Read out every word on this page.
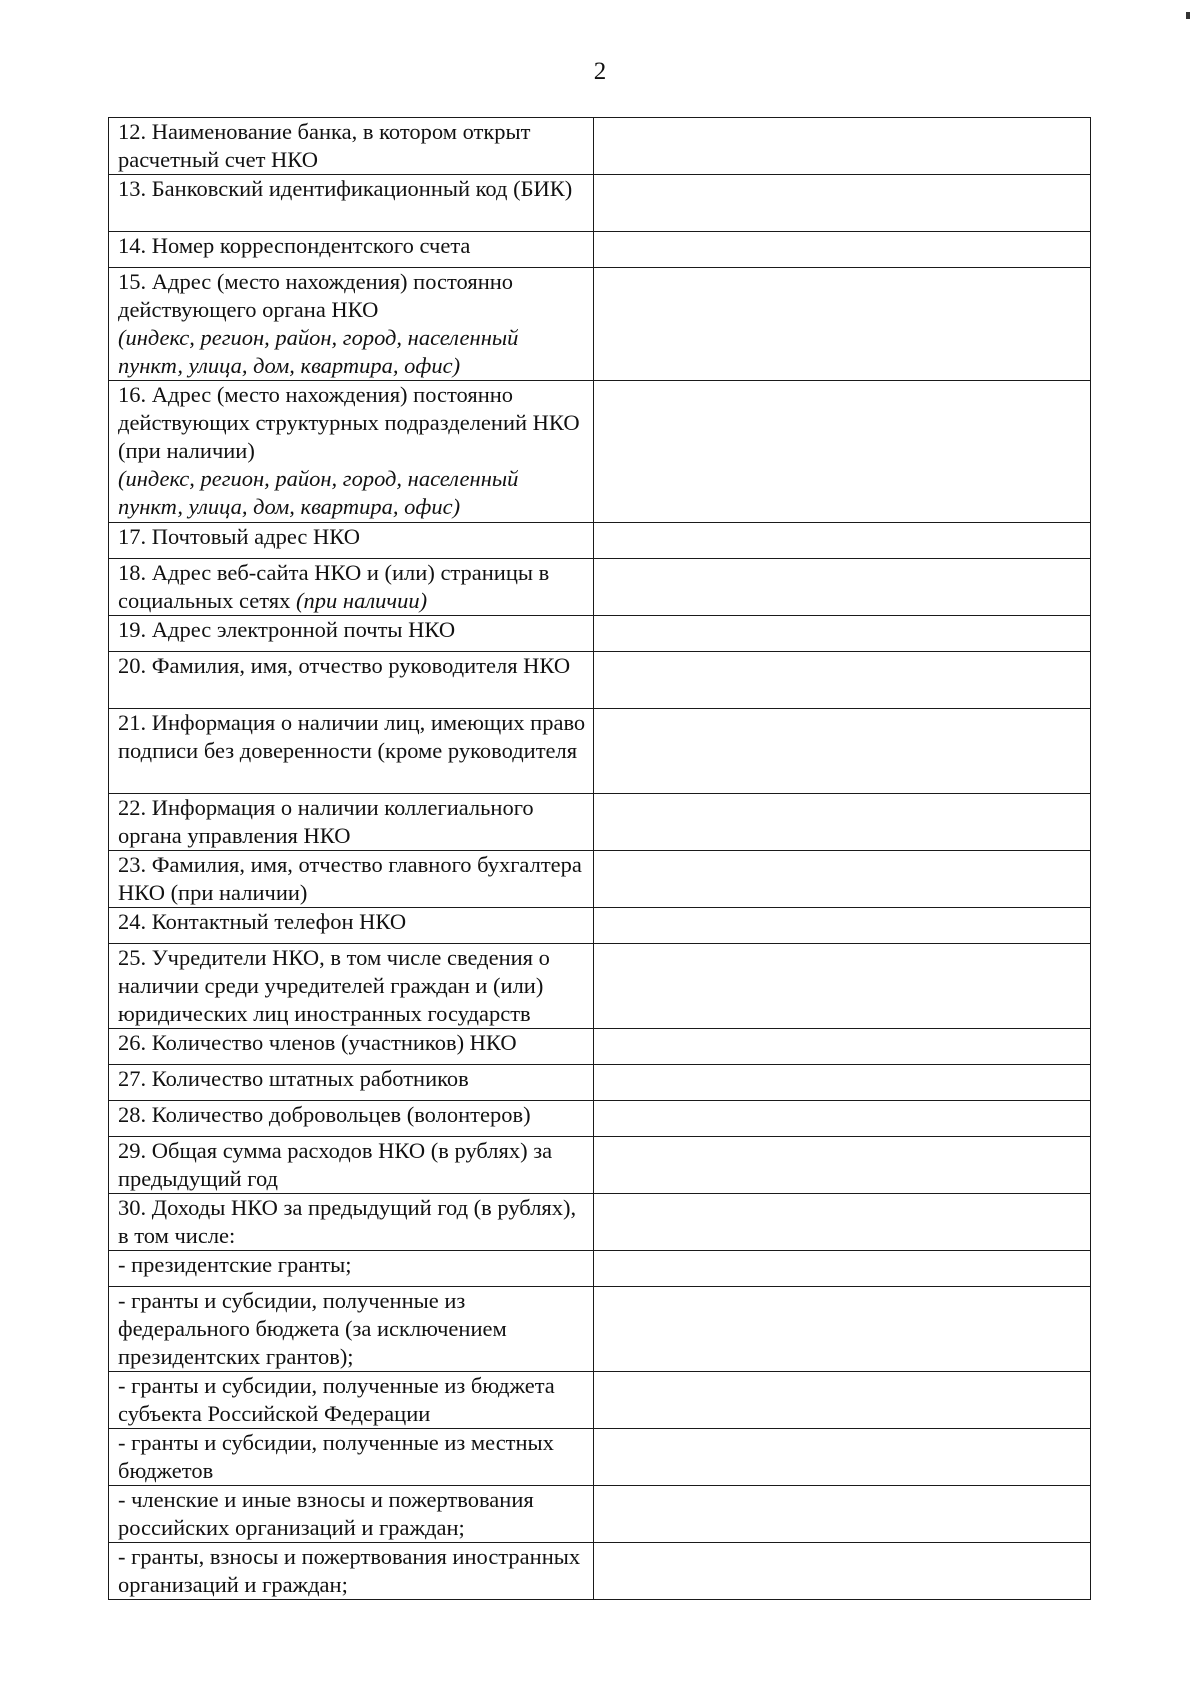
2
12. Наименование банка, в котором открыт расчетный счет НКО	

13. Банковский идентификационный код (БИК)	

14. Номер корреспондентского счета	

15. Адрес (место нахождения) постоянно действующего органа НКО
(индекс, регион, район, город, населенный пункт, улица, дом, квартира, офис)	

16. Адрес (место нахождения) постоянно действующих структурных подразделений НКО (при наличии)
(индекс, регион, район, город, населенный пункт, улица, дом, квартира, офис)	

17. Почтовый адрес НКО	

18. Адрес веб-сайта НКО и (или) страницы в социальных сетях (при наличии)	

19. Адрес электронной почты НКО	

20. Фамилия, имя, отчество руководителя НКО	

21. Информация о наличии лиц, имеющих право подписи без доверенности (кроме руководителя	

22. Информация о наличии коллегиального органа управления НКО	

23. Фамилия, имя, отчество главного бухгалтера НКО (при наличии)	

24. Контактный телефон НКО	

25. Учредители НКО, в том числе сведения о наличии среди учредителей граждан и (или) юридических лиц иностранных государств	

26. Количество членов (участников) НКО	

27. Количество штатных работников	

28. Количество добровольцев (волонтеров)	

29. Общая сумма расходов НКО (в рублях) за предыдущий год	

30. Доходы НКО за предыдущий год (в рублях), в том числе:	

- президентские гранты;	

- гранты и субсидии, полученные из федерального бюджета (за исключением президентских грантов);	

- гранты и субсидии, полученные из бюджета субъекта Российской Федерации	

- гранты и субсидии, полученные из местных бюджетов	

- членские и иные взносы и пожертвования российских организаций и граждан;	

- гранты, взносы и пожертвования иностранных организаций и граждан;	
